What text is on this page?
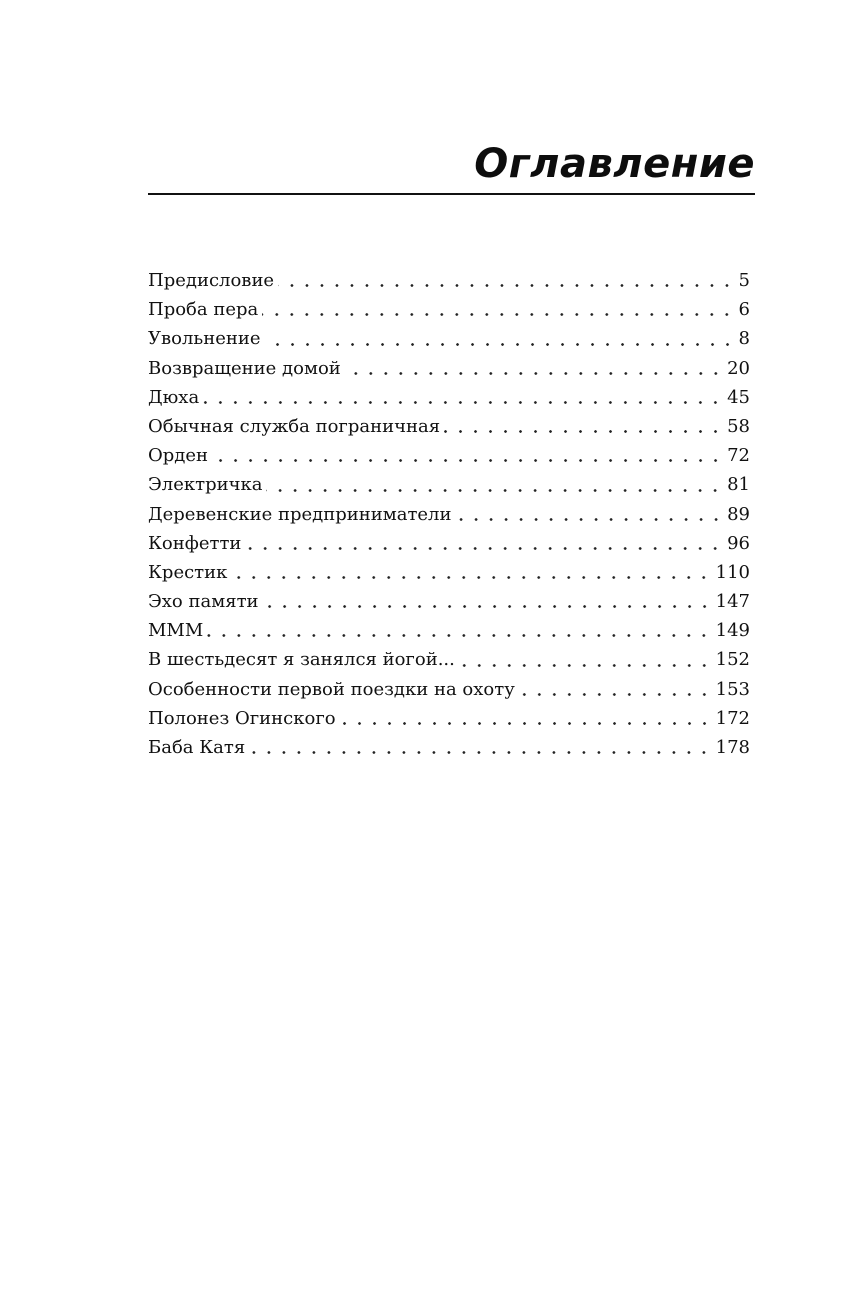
Оглавление
Предисловие	5
Проба пера	6
Увольнение	8
Возвращение домой	20
Дюха	45
Обычная служба пограничная	58
Орден	72
Электричка	81
Деревенские предприниматели	89
Конфетти	96
Крестик	110
Эхо памяти	147
МММ	149
В шестьдесят я занялся йогой...	152
Особенности первой поездки на охоту	153
Полонез Огинского	172
Баба Катя	178
